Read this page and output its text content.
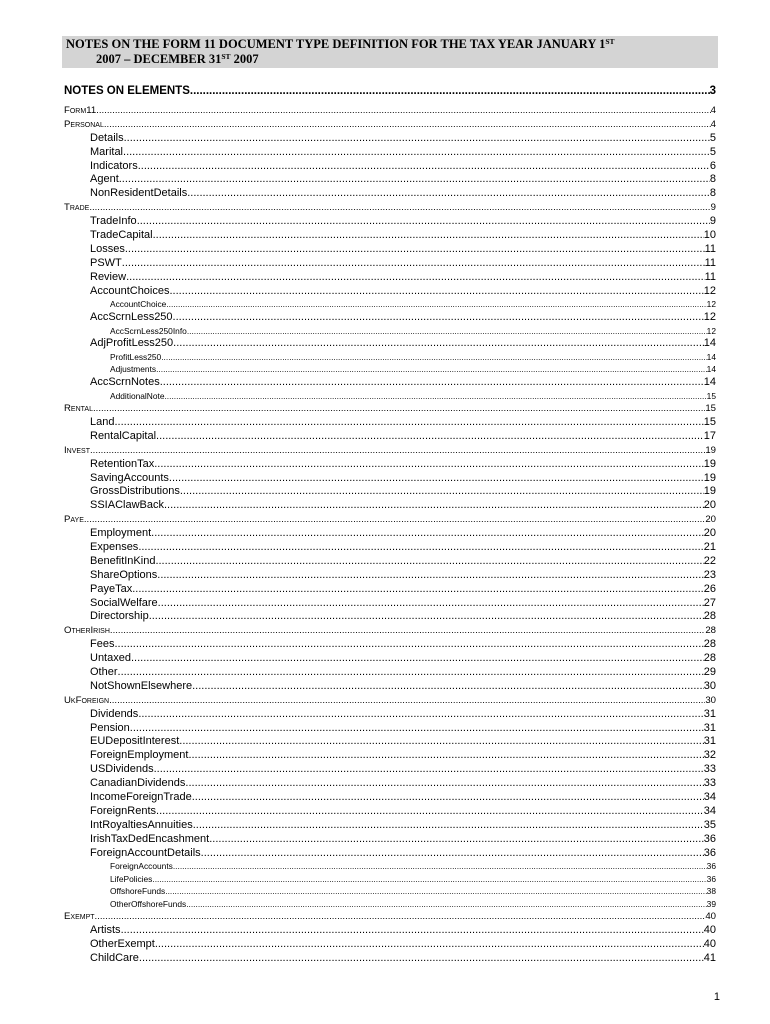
NOTES ON THE FORM 11 DOCUMENT TYPE DEFINITION FOR THE TAX YEAR JANUARY 1ST
2007 – DECEMBER 31ST 2007
NOTES ON ELEMENTS .....	3
Form11 .....	4
Personal .....	4
Details .....	5
Marital .....	5
Indicators .....	6
Agent .....	8
NonResidentDetails .....	8
Trade .....	9
TradeInfo .....	9
TradeCapital .....	10
Losses .....	11
PSWT .....	11
Review .....	11
AccountChoices .....	12
AccountChoice .....	12
AccScrnLess250 .....	12
AccScrnLess250Info .....	12
AdjProfitLess250 .....	14
ProfitLess250 .....	14
Adjustments .....	14
AccScrnNotes .....	14
AdditionalNote .....	15
Rental .....	15
Land .....	15
RentalCapital .....	17
Invest .....	19
RetentionTax .....	19
SavingAccounts .....	19
GrossDistributions .....	19
SSIAClawBack .....	20
Paye .....	20
Employment .....	20
Expenses .....	21
BenefitInKind .....	22
ShareOptions .....	23
PayeTax .....	26
SocialWelfare .....	27
Directorship .....	28
OtherIrish .....	28
Fees .....	28
Untaxed .....	28
Other .....	29
NotShownElsewhere .....	30
UkForeign .....	30
Dividends .....	31
Pension .....	31
EUDepositInterest .....	31
ForeignEmployment .....	32
USDividends .....	33
CanadianDividends .....	33
IncomeForeignTrade .....	34
ForeignRents .....	34
IntRoyaltiesAnnuities .....	35
IrishTaxDedEncashment .....	36
ForeignAccountDetails .....	36
ForeignAccounts .....	36
LifePolicies .....	36
OffshoreFunds .....	38
OtherOffshoreFunds .....	39
Exempt .....	40
Artists .....	40
OtherExempt .....	40
ChildCare .....	41
1
